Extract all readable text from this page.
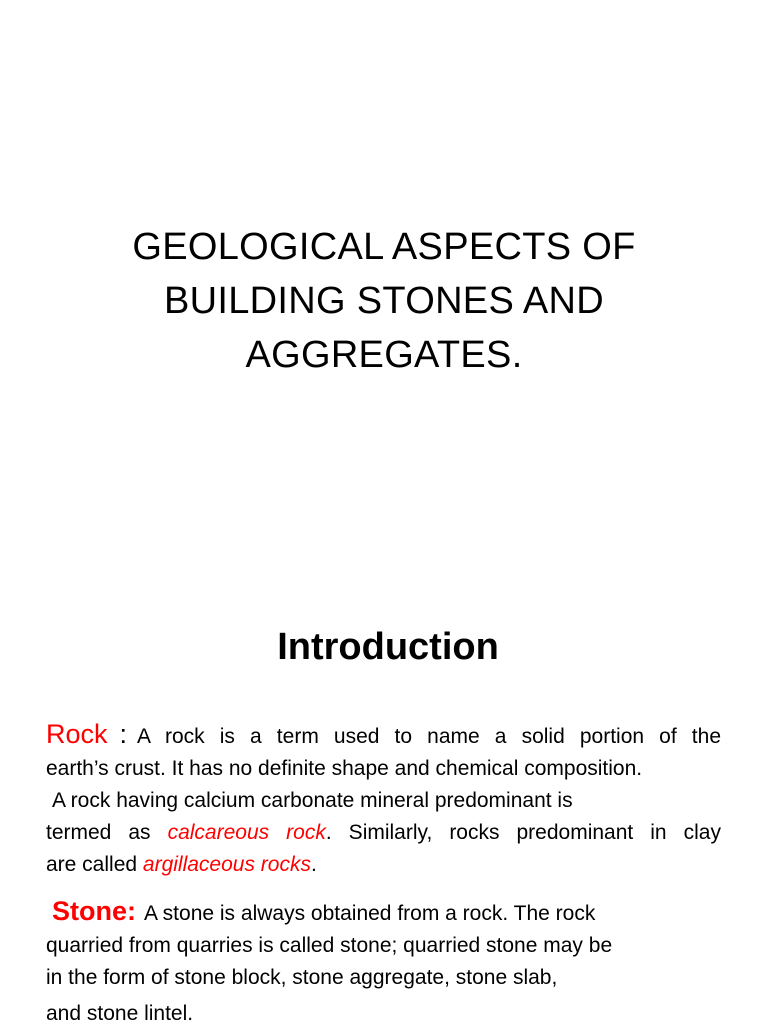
GEOLOGICAL ASPECTS OF
BUILDING STONES AND
AGGREGATES.
Introduction
Rock : A rock is a term used to name a solid portion of the
earth’s crust. It has no definite shape and chemical composition.
A rock having calcium carbonate mineral predominant is
termed as calcareous rock. Similarly, rocks predominant in clay
are called argillaceous rocks.
Stone: A stone is always obtained from a rock. The rock
quarried from quarries is called stone; quarried stone may be
in the form of stone block, stone aggregate, stone slab,
and stone lintel.
